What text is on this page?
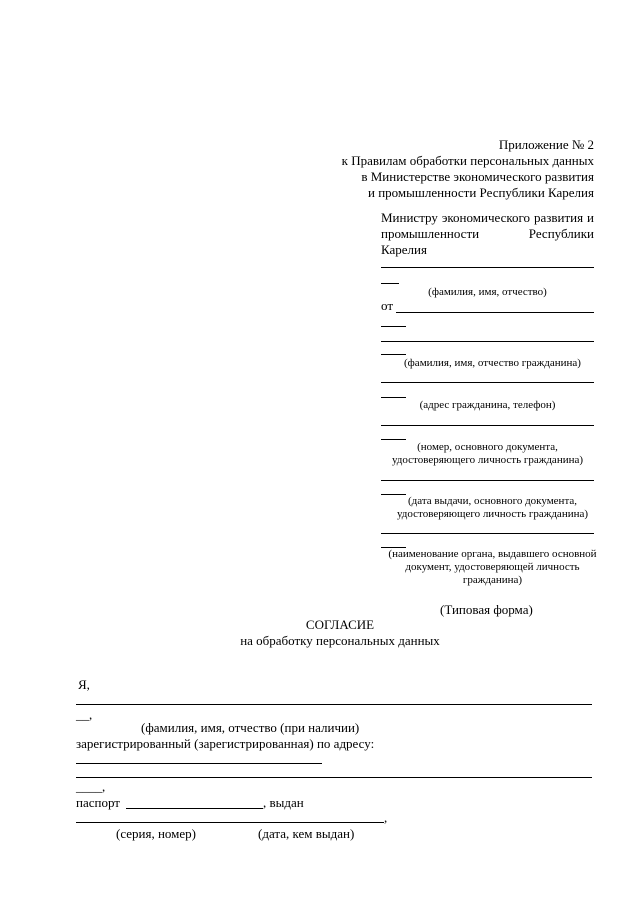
Приложение № 2
к Правилам обработки персональных данных
в Министерстве экономического развития
и промышленности Республики Карелия
Министру экономического развития и
промышленности	Республики
Карелия
(фамилия, имя, отчество)
от
(фамилия, имя, отчество гражданина)
(адрес гражданина, телефон)
(номер, основного документа,
удостоверяющего личность гражданина)
(дата выдачи, основного документа,
удостоверяющего личность гражданина)
(наименование органа, выдавшего основной
документ, удостоверяющей личность
гражданина)
(Типовая форма)
СОГЛАСИЕ
на обработку персональных данных
Я,
__,
(фамилия, имя, отчество (при наличии)
зарегистрированный (зарегистрированная) по адресу:
____,
паспорт	, выдан
,
(серия, номер)	(дата, кем выдан)
